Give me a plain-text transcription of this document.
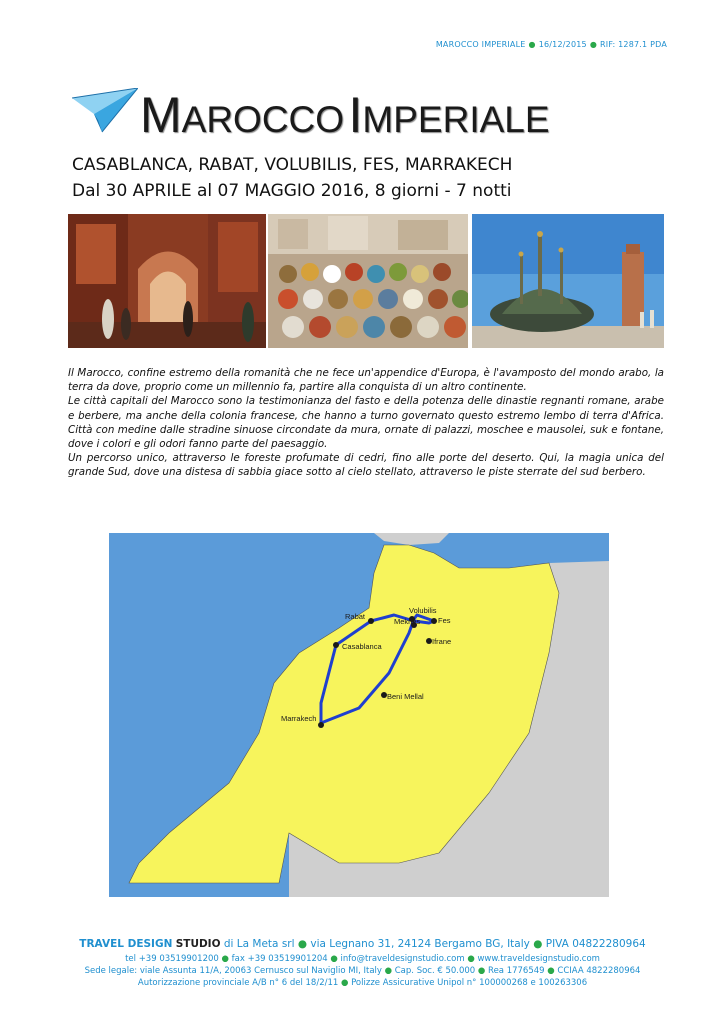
MAROCCO IMPERIALE ● 16/12/2015 ● RIF: 1287.1 PDA
MAROCCO IMPERIALE
CASABLANCA, RABAT, VOLUBILIS, FES, MARRAKECH
Dal 30 APRILE al 07 MAGGIO 2016, 8 giorni - 7 notti

Il Marocco, confine estremo della romanità che ne fece un'appendice d'Europa, è l'avamposto del mondo arabo, la terra da dove, proprio come un millennio fa, partire alla conquista di un altro continente.

Le città capitali del Marocco sono la testimonianza del fasto e della potenza delle dinastie regnanti romane, arabe e berbere, ma anche della colonia francese, che hanno a turno governato questo estremo lembo di terra d'Africa. Città con medine dalle stradine sinuose circondate da mura, ornate di palazzi, moschee e mausolei, suk e fontane, dove i colori e gli odori fanno parte del paesaggio.

Un percorso unico, attraverso le foreste profumate di cedri, fino alle porte del deserto. Qui, la magia unica del grande Sud, dove una distesa di sabbia giace sotto al cielo stellato, attraverso le piste sterrate del sud berbero.

Rabat
Volubilis
Meknès Fes
Ifrane
Casablanca
Beni Mellal
Marrakech
TRAVEL DESIGN STUDIO di La Meta srl ● via Legnano 31, 24124 Bergamo BG, Italy ● PIVA 04822280964
tel +39 03519901200 ● fax +39 03519901204 ● info@traveldesignstudio.com ● www.traveldesignstudio.com
Sede legale: viale Assunta 11/A, 20063 Cernusco sul Naviglio MI, Italy ● Cap. Soc. € 50.000 ● Rea 1776549 ● CCIAA 4822280964
Autorizzazione provinciale A/B n° 6 del 18/2/11 ● Polizze Assicurative Unipol n° 100000268 e 100263306
